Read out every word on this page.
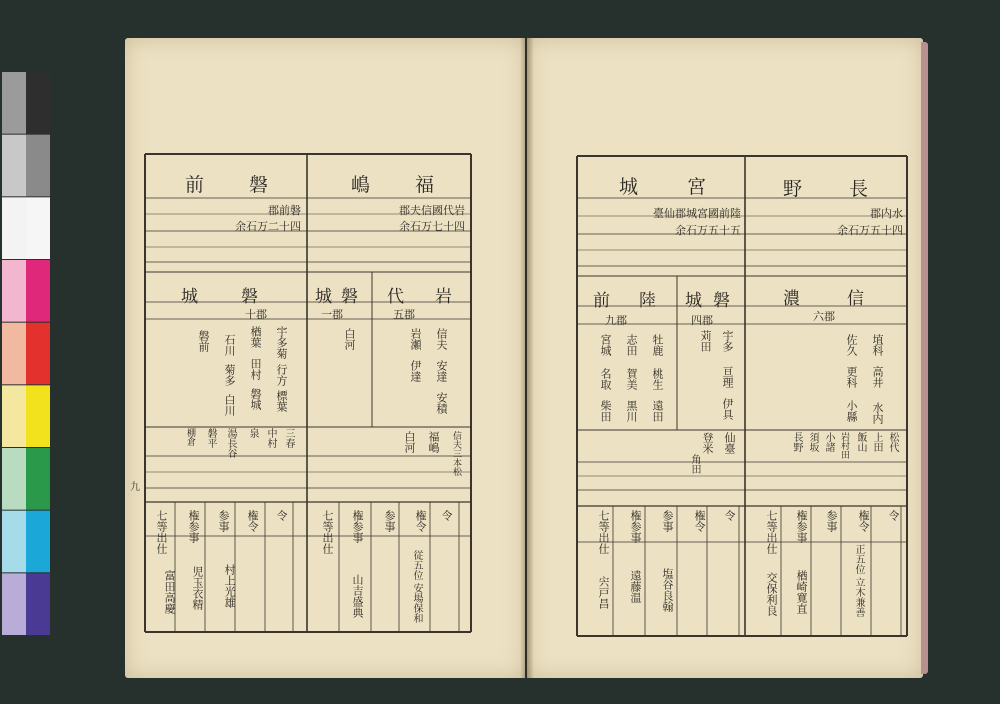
九
福
嶋
岩代國信夫郡
四十七万石余
磐
前
磐前郡
四十二万石余
岩
代
五郡
信夫
安達
安積
岩瀬
伊達
磐
城
一郡
白河
磐
城
十郡
宇多菊
行方
標葉
楢葉
田村
磐城
石川
菊多
白川
磐前
信夫三本松
福嶋
白河
三春
中村
泉
湯長谷
磐平
棚倉
令
権令
参事
権参事
七等出仕
従五位 安場保和
山吉盛典
令
権令
参事
権参事
七等出仕
村上光雄
児玉衣精
富田高慶
長
野
水内郡
四十五万石余
宮
城
陸前國宮城郡仙臺
五十五万石余
信
濃
六郡
埴科
高井
佐久
更科
水内
小縣
磐
城
四郡
宇多
亘理
伊具
苅田
陸
前
九郡
牡鹿
桃生
遠田
志田
賀美
黒川
宮城
名取
柴田
松代
上田
飯山
岩村田
小諸
須坂
長野
仙臺
登米
角田
令
権令
参事
権参事
七等出仕
正五位 立木兼善
楢崎寛直
交保利良
令
権令
参事
権参事
七等出仕
塩谷良翰
遠藤温
宍戸昌
